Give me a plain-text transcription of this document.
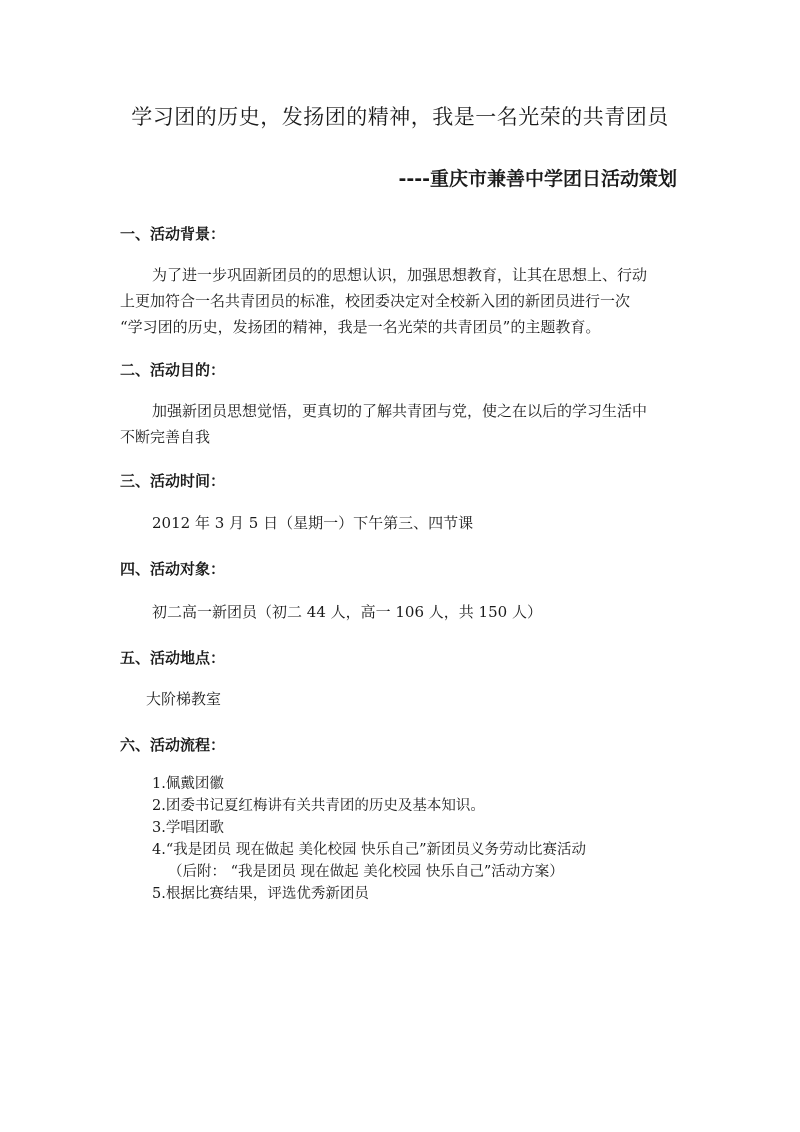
学习团的历史，发扬团的精神，我是一名光荣的共青团员
----重庆市兼善中学团日活动策划
一、活动背景：
为了进一步巩固新团员的的思想认识，加强思想教育，让其在思想上、行动
上更加符合一名共青团员的标准，校团委决定对全校新入团的新团员进行一次
“学习团的历史，发扬团的精神，我是一名光荣的共青团员”的主题教育。
二、活动目的：
加强新团员思想觉悟，更真切的了解共青团与党，使之在以后的学习生活中
不断完善自我
三、活动时间：
2012 年 3 月 5 日（星期一）下午第三、四节课
四、活动对象：
初二高一新团员（初二 44 人，高一 106 人，共 150 人）
五、活动地点：
大阶梯教室
六、活动流程：
1.佩戴团徽
2.团委书记夏红梅讲有关共青团的历史及基本知识。
3.学唱团歌
4.“我是团员 现在做起 美化校园 快乐自己”新团员义务劳动比赛活动
（后附： “我是团员 现在做起 美化校园 快乐自己”活动方案）
5.根据比赛结果，评选优秀新团员
